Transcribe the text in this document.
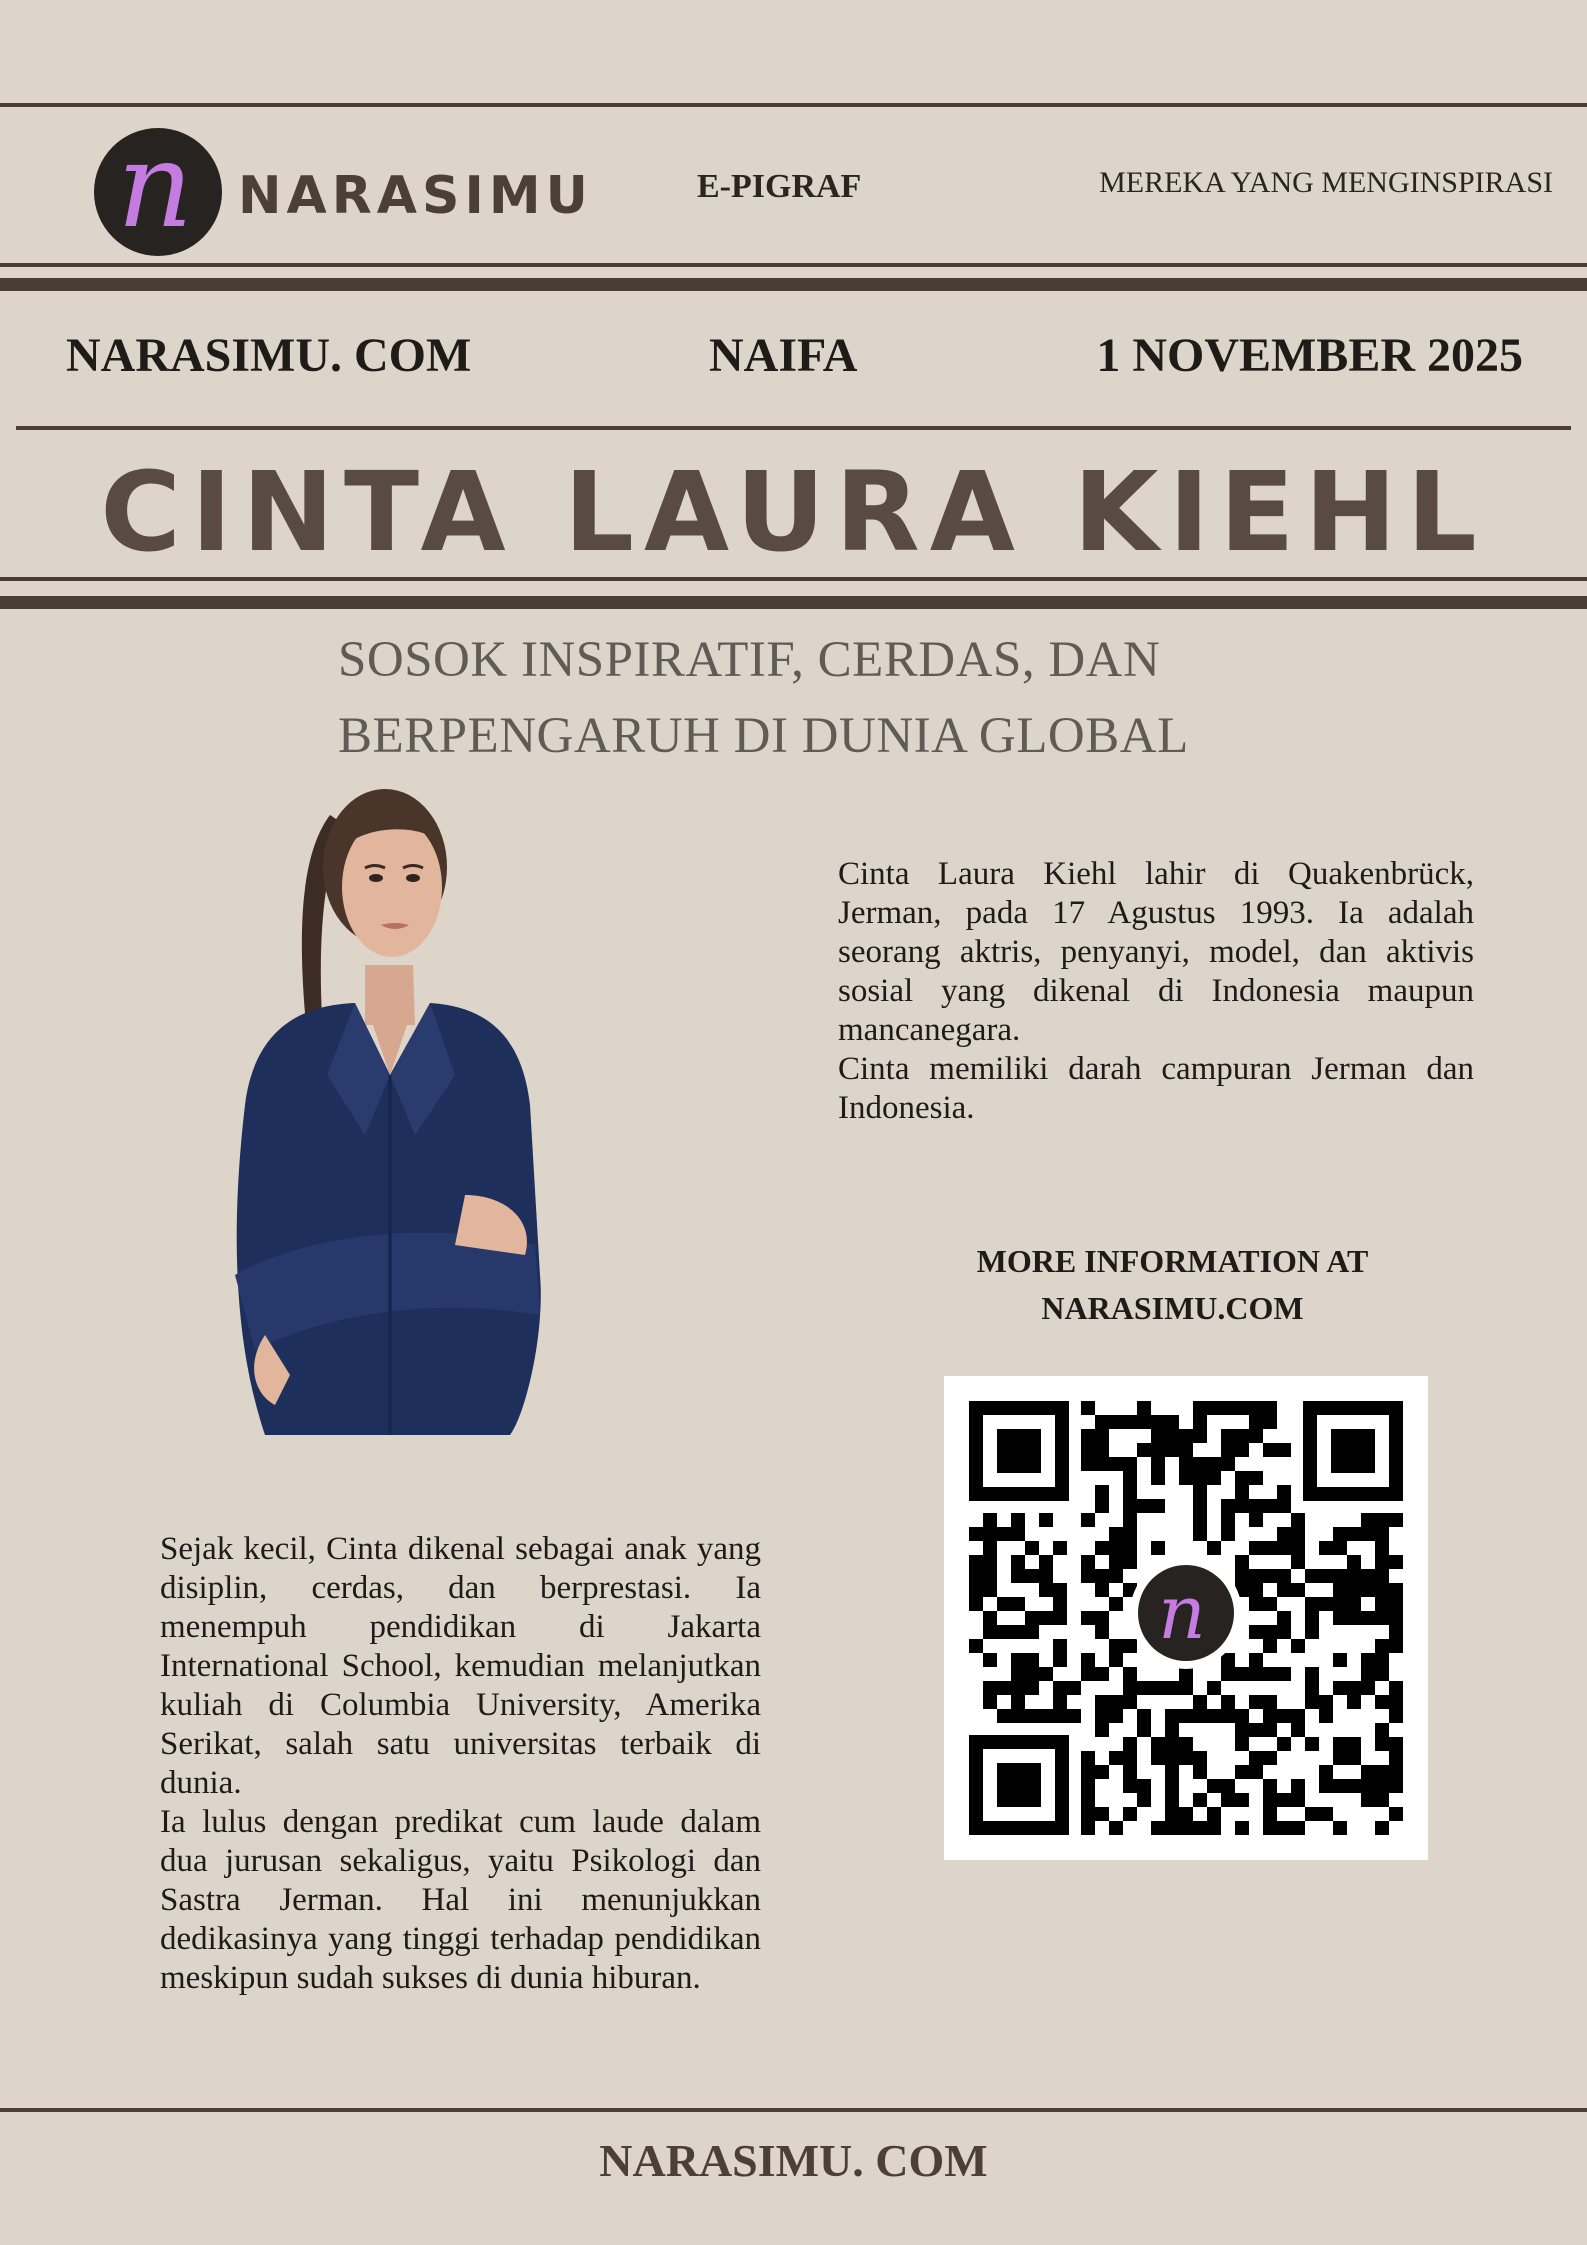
n NARASIMU	E-PIGRAF	MEREKA YANG MENGINSPIRASI
NARASIMU. COM	NAIFA	1 NOVEMBER 2025
CINTA LAURA KIEHL
SOSOK INSPIRATIF, CERDAS, DAN
BERPENGARUH DI DUNIA GLOBAL

Cinta Laura Kiehl lahir di Quakenbrück, Jerman, pada 17 Agustus 1993. Ia adalah seorang aktris, penyanyi, model, dan aktivis sosial yang dikenal di Indonesia maupun mancanegara.

Cinta memiliki darah campuran Jerman dan Indonesia.

Sejak kecil, Cinta dikenal sebagai anak yang disiplin, cerdas, dan berprestasi. Ia menempuh pendidikan di Jakarta International School, kemudian melanjutkan kuliah di Columbia University, Amerika Serikat, salah satu universitas terbaik di dunia.

Ia lulus dengan predikat cum laude dalam dua jurusan sekaligus, yaitu Psikologi dan Sastra Jerman. Hal ini menunjukkan dedikasinya yang tinggi terhadap pendidikan meskipun sudah sukses di dunia hiburan.

MORE INFORMATION AT
NARASIMU.COM
n
NARASIMU. COM
